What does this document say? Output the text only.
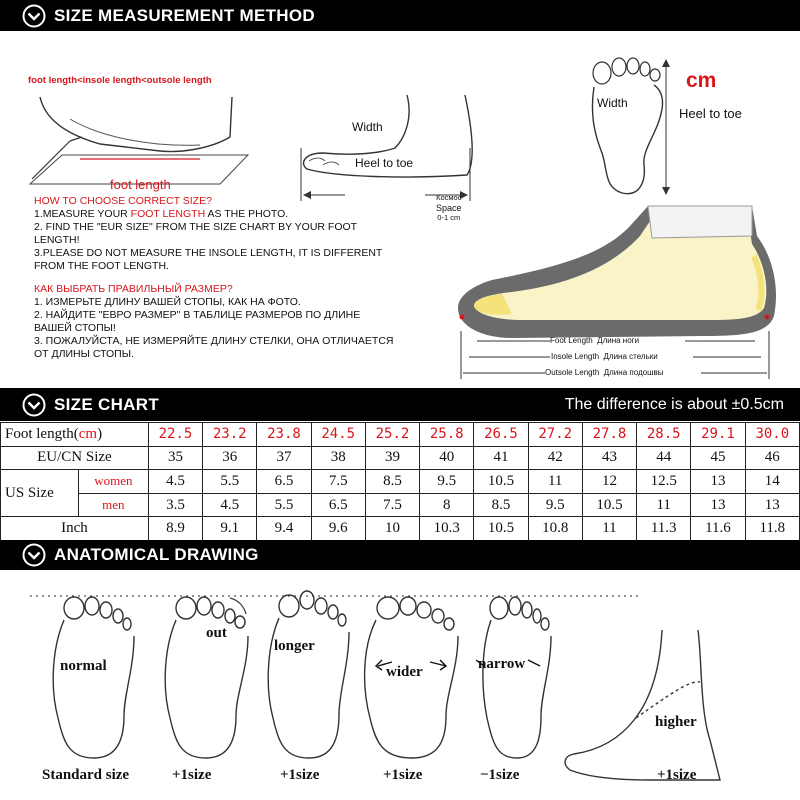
SIZE MEASUREMENT METHOD
foot length<insole length<outsole length
foot length
Width
Heel to toe
Width
cm
Heel to toe
HOW TO CHOOSE CORRECT SIZE?
1.MEASURE YOUR FOOT LENGTH AS THE PHOTO.
2. FIND THE "EUR SIZE" FROM THE SIZE CHART BY YOUR FOOT LENGTH!
3.PLEASE DO NOT MEASURE THE INSOLE LENGTH, IT IS DIFFERENT FROM THE FOOT LENGTH.
КАК ВЫБРАТЬ ПРАВИЛЬНЫЙ РАЗМЕР?
1. ИЗМЕРЬТЕ ДЛИНУ ВАШЕЙ СТОПЫ, КАК НА ФОТО.
2. НАЙДИТЕ "ЕВРО РАЗМЕР" В ТАБЛИЦЕ РАЗМЕРОВ ПО ДЛИНЕ ВАШЕЙ СТОПЫ!
3. ПОЖАЛУЙСТА, НЕ ИЗМЕРЯЙТЕ ДЛИНУ СТЕЛКИ, ОНА ОТЛИЧАЕТСЯ ОТ ДЛИНЫ СТОПЫ.
Космос
Space
0-1 cm
Foot Length Длина ноги
Insole Length Длина стельки
Outsole Length Длина подошвы
SIZE CHART	The difference is about ±0.5cm
Foot length(cm)		22.5	23.2	23.8	24.5	25.2	25.8	26.5	27.2	27.8	28.5	29.1	30.0
EU/CN Size		35	36	37	38	39	40	41	42	43	44	45	46
US Size	women	4.5	5.5	6.5	7.5	8.5	9.5	10.5	11	12	12.5	13	14
	men	3.5	4.5	5.5	6.5	7.5	8	8.5	9.5	10.5	11	13	13
Inch		8.9	9.1	9.4	9.6	10	10.3	10.5	10.8	11	11.3	11.6	11.8
ANATOMICAL DRAWING
normal
out
longer
wider	narrow
higher
Standard size	+1size	+1size	+1size	−1size	+1size
